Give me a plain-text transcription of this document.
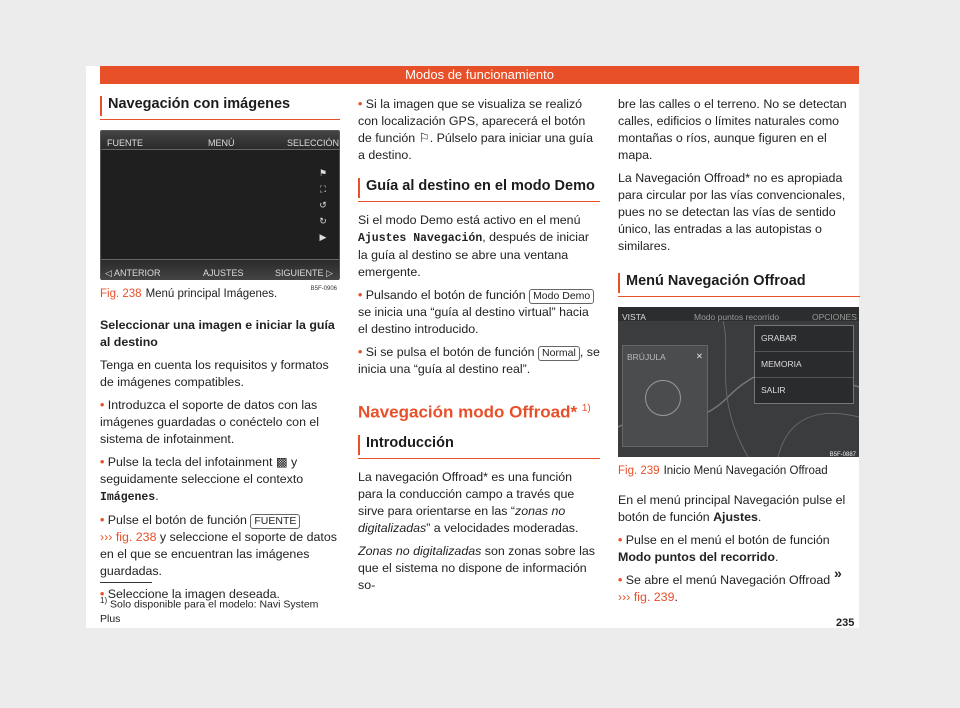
Modos de funcionamiento
Navegación con imágenes
FUENTE	MENÚ	SELECCIÓN
⚑
⛶
↺
↻
▶
◁ ANTERIOR	AJUSTES	SIGUIENTE ▷
B5F-0906
Fig. 238 Menú principal Imágenes.

Seleccionar una imagen e iniciar la guía al destino

Tenga en cuenta los requisitos y formatos de imágenes compatibles.

• Introduzca el soporte de datos con las imágenes guardadas o conéctelo con el sistema de infotainment.

• Pulse la tecla del infotainment ▩ y seguidamente seleccione el contexto Imágenes.

• Pulse el botón de función FUENTE
››› fig. 238 y seleccione el soporte de datos en el que se encuentran las imágenes guardadas.

• Seleccione la imagen deseada.

$^{1)}$ Solo disponible para el modelo: Navi System Plus

• Si la imagen que se visualiza se realizó con localización GPS, aparecerá el botón de función ⚐. Púlselo para iniciar una guía a destino.

Guía al destino en el modo Demo

Si el modo Demo está activo en el menú Ajustes Navegación, después de iniciar la guía al destino se abre una ventana emergente.

• Pulsando el botón de función Modo Demo se inicia una “guía al destino virtual” hacia el destino introducido.

• Si se pulsa el botón de función Normal , se inicia una “guía al destino real”.

Navegación modo Offroad* $^{1)}$
Introducción

La navegación Offroad* es una función para la conducción campo a través que sirve para orientarse en las “zonas no digitalizadas” a velocidades moderadas.

Zonas no digitalizadas son zonas sobre las que el sistema no dispone de información so-

bre las calles o el terreno. No se detectan calles, edificios o límites naturales como montañas o ríos, aunque figuren en el mapa.

La Navegación Offroad* no es apropiada para circular por las vías convencionales, pues no se detectan las vías de sentido único, las entradas a las autopistas o similares.

Menú Navegación Offroad
VISTA	Modo puntos recorrido	OPCIONES
BRÚJULA	✕
GRABAR
MEMORIA
SALIR
B5F-0887
Fig. 239 Inicio Menú Navegación Offroad

En el menú principal Navegación pulse el botón de función Ajustes.

• Pulse en el menú el botón de función Modo puntos del recorrido.

• Se abre el menú Navegación Offroad
››› fig. 239.

»
235
